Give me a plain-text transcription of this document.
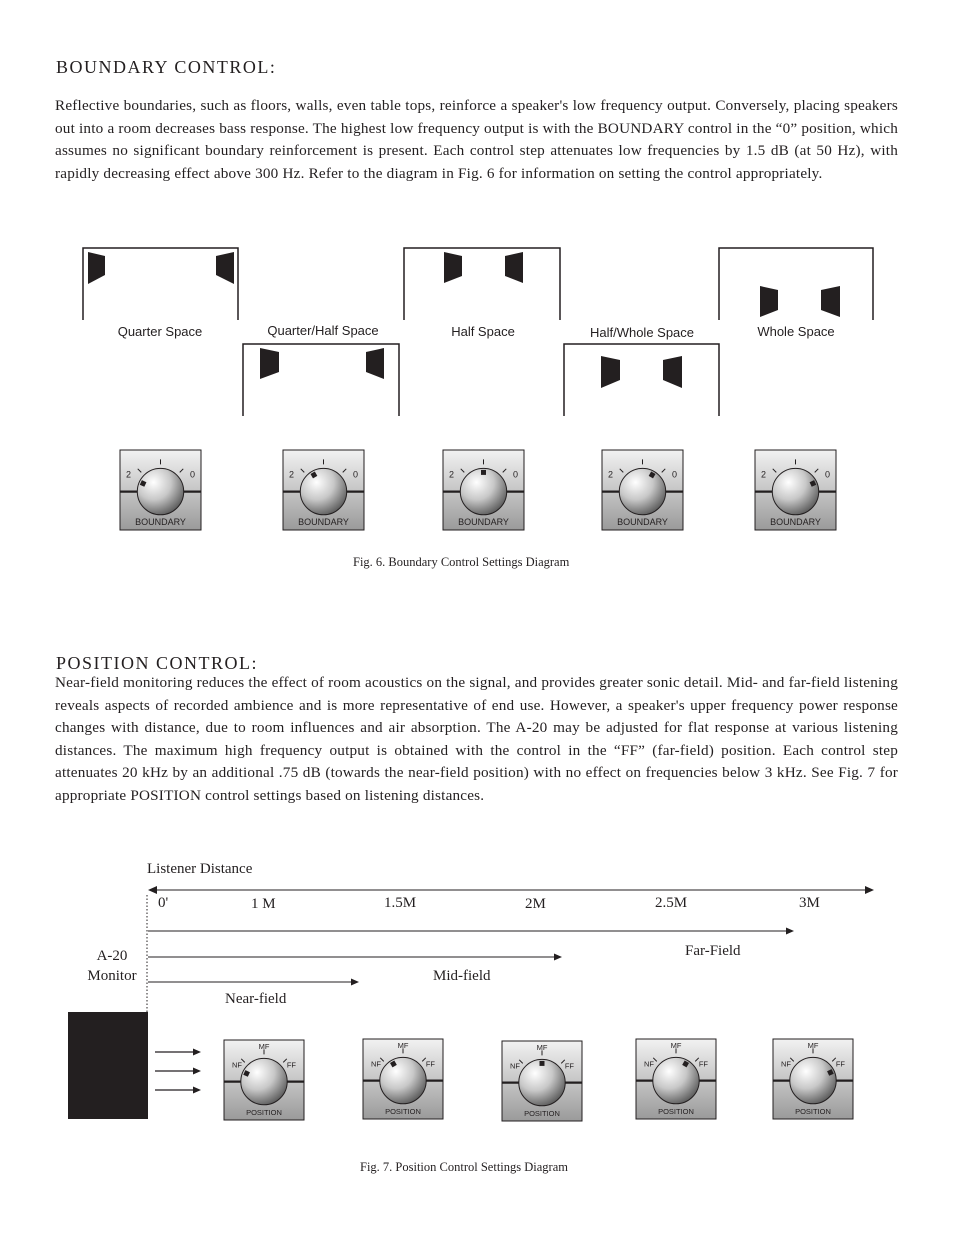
BOUNDARY CONTROL:
Reflective boundaries, such as floors, walls, even table tops, reinforce a speaker's low frequency output. Conversely, placing speakers out into a room decreases bass response. The highest low frequency output is with the BOUNDARY control in the “0” position, which assumes no significant boundary reinforcement is present. Each control step attenuates low frequencies by 1.5 dB (at 50 Hz), with rapidly decreasing effect above 300 Hz. Refer to the diagram in Fig. 6 for information on setting the control appropriately.
Quarter Space	Quarter/Half Space	Half Space	Half/Whole Space	Whole Space
2	0
BOUNDARY
2	0
BOUNDARY
2	0
BOUNDARY
2	0
BOUNDARY
2	0
BOUNDARY
Listener Distance
0'	1 M	1.5M	2M	2.5M	3M
Far-Field
Mid-field
Near-field
A-20
Monitor
NF	FF
MF
POSITION
NF	FF
MF
POSITION
NF	FF
MF
POSITION
NF	FF
MF
POSITION
NF	FF
MF
POSITION
Fig. 6. Boundary Control Settings Diagram
POSITION CONTROL:
Near-field monitoring reduces the effect of room acoustics on the signal, and provides greater sonic detail. Mid- and far-field listening reveals aspects of recorded ambience and is more representative of end use. However, a speaker's upper frequency power response changes with distance, due to room influences and air absorption. The A-20 may be adjusted for flat response at various listening distances. The maximum high frequency output is obtained with the control in the “FF” (far-field) position. Each control step attenuates 20 kHz by an additional .75 dB (towards the near-field position) with no effect on frequencies below 3 kHz. See Fig. 7 for appropriate POSITION control settings based on listening distances.
Fig. 7. Position Control Settings Diagram
